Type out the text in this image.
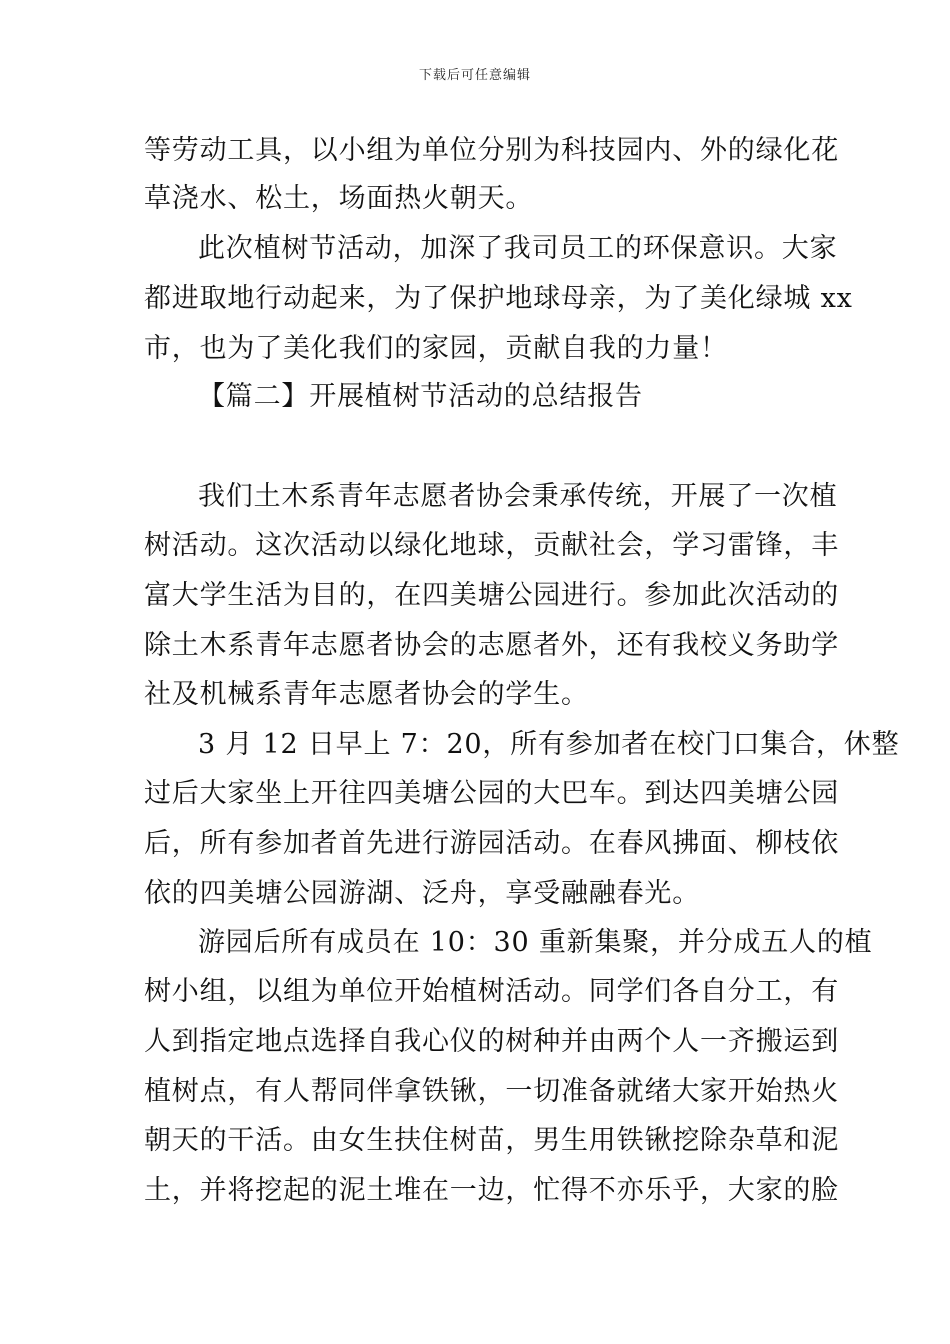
下载后可任意编辑
等劳动工具，以小组为单位分别为科技园内、外的绿化花
草浇水、松土，场面热火朝天。
此次植树节活动，加深了我司员工的环保意识。大家
都进取地行动起来，为了保护地球母亲，为了美化绿城 xx
市，也为了美化我们的家园，贡献自我的力量！
【篇二】开展植树节活动的总结报告
我们土木系青年志愿者协会秉承传统，开展了一次植
树活动。这次活动以绿化地球，贡献社会，学习雷锋，丰
富大学生活为目的，在四美塘公园进行。参加此次活动的
除土木系青年志愿者协会的志愿者外，还有我校义务助学
社及机械系青年志愿者协会的学生。
3 月 12 日早上 7：20，所有参加者在校门口集合，休整
过后大家坐上开往四美塘公园的大巴车。到达四美塘公园
后，所有参加者首先进行游园活动。在春风拂面、柳枝依
依的四美塘公园游湖、泛舟，享受融融春光。
游园后所有成员在 10：30 重新集聚，并分成五人的植
树小组，以组为单位开始植树活动。同学们各自分工，有
人到指定地点选择自我心仪的树种并由两个人一齐搬运到
植树点，有人帮同伴拿铁锹，一切准备就绪大家开始热火
朝天的干活。由女生扶住树苗，男生用铁锹挖除杂草和泥
土，并将挖起的泥土堆在一边，忙得不亦乐乎，大家的脸
